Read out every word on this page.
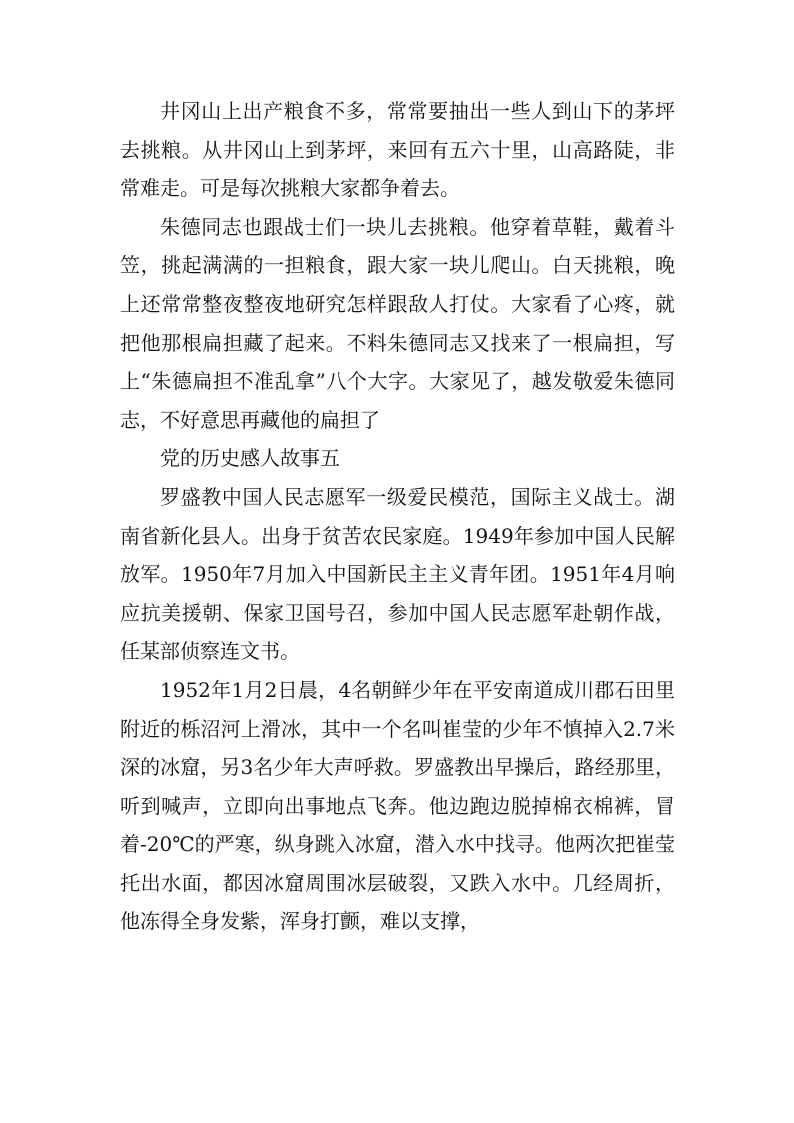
井冈山上出产粮食不多，常常要抽出一些人到山下的茅坪去挑粮。从井冈山上到茅坪，来回有五六十里，山高路陡，非常难走。可是每次挑粮大家都争着去。

朱德同志也跟战士们一块儿去挑粮。他穿着草鞋，戴着斗笠，挑起满满的一担粮食，跟大家一块儿爬山。白天挑粮，晚上还常常整夜整夜地研究怎样跟敌人打仗。大家看了心疼，就把他那根扁担藏了起来。不料朱德同志又找来了一根扁担，写上“朱德扁担不准乱拿”八个大字。大家见了，越发敬爱朱德同志，不好意思再藏他的扁担了

党的历史感人故事五

罗盛教中国人民志愿军一级爱民模范，国际主义战士。湖南省新化县人。出身于贫苦农民家庭。1949年参加中国人民解放军。1950年7月加入中国新民主主义青年团。1951年4月响应抗美援朝、保家卫国号召，参加中国人民志愿军赴朝作战，任某部侦察连文书。

1952年1月2日晨，4名朝鲜少年在平安南道成川郡石田里附近的栎沼河上滑冰，其中一个名叫崔莹的少年不慎掉入2.7米深的冰窟，另3名少年大声呼救。罗盛教出早操后，路经那里，听到喊声，立即向出事地点飞奔。他边跑边脱掉棉衣棉裤，冒着-20℃的严寒，纵身跳入冰窟，潜入水中找寻。他两次把崔莹托出水面，都因冰窟周围冰层破裂，又跌入水中。几经周折，他冻得全身发紫，浑身打颤，难以支撑，
